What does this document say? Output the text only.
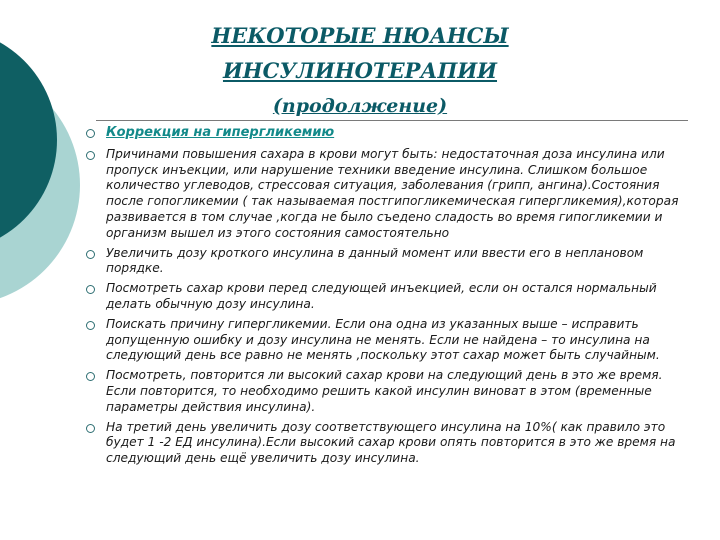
НЕКОТОРЫЕ НЮАНСЫ
ИНСУЛИНОТЕРАПИИ
(продолжение)
Коррекция на гипергликемию
Причинами повышения сахара в крови могут быть: недостаточная доза инсулина или пропуск инъекции, или нарушение техники введение инсулина. Слишком большое количество углеводов, стрессовая ситуация, заболевания (грипп, ангина).Состояния после гопогликемии ( так называемая постгипогликемическая гипергликемия),которая развивается в том случае ,когда не было съедено сладость во время гипогликемии и организм вышел из этого состояния самостоятельно
Увеличить дозу кроткого инсулина в данный момент или ввести его в неплановом порядке.
Посмотреть сахар крови перед следующей инъекцией, если он остался нормальный делать обычную дозу инсулина.
Поискать причину гипергликемии. Если она одна из указанных выше – исправить допущенную ошибку и дозу инсулина не менять. Если не найдена – то инсулина на следующий день все равно не менять ,поскольку этот сахар может быть случайным.
Посмотреть, повторится ли высокий сахар крови на следующий день в это же время. Если повторится, то необходимо решить какой инсулин виноват в этом (временные параметры действия инсулина).
На третий день увеличить дозу соответствующего инсулина на 10%( как правило это будет 1 -2 ЕД инсулина).Если высокий сахар крови опять повторится в это же время на следующий день ещё увеличить дозу инсулина.
